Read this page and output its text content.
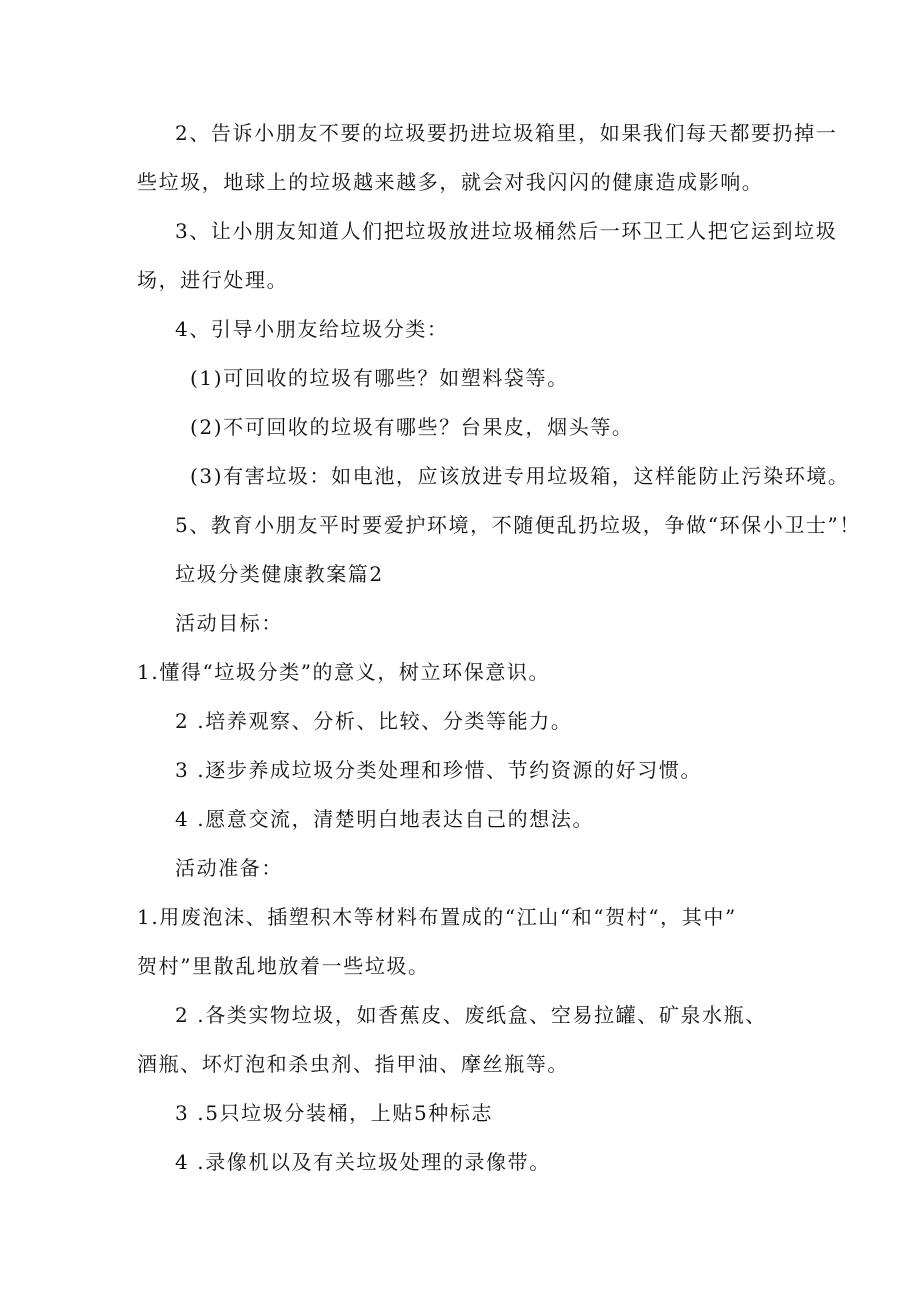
2、告诉小朋友不要的垃圾要扔进垃圾箱里，如果我们每天都要扔掉一
些垃圾，地球上的垃圾越来越多，就会对我闪闪的健康造成影响。
3、让小朋友知道人们把垃圾放进垃圾桶然后一环卫工人把它运到垃圾
场，进行处理。
4、引导小朋友给垃圾分类：
(1)可回收的垃圾有哪些？如塑料袋等。
(2)不可回收的垃圾有哪些？台果皮，烟头等。
(3)有害垃圾：如电池，应该放进专用垃圾箱，这样能防止污染环境。
5、教育小朋友平时要爱护环境，不随便乱扔垃圾，争做“环保小卫士”！
垃圾分类健康教案篇2
活动目标：
1.懂得“垃圾分类”的意义，树立环保意识。
2 .培养观察、分析、比较、分类等能力。
3 .逐步养成垃圾分类处理和珍惜、节约资源的好习惯。
4 .愿意交流，清楚明白地表达自己的想法。
活动准备：
1.用废泡沫、插塑积木等材料布置成的“江山“和“贺村“，其中”
贺村”里散乱地放着一些垃圾。
2 .各类实物垃圾，如香蕉皮、废纸盒、空易拉罐、矿泉水瓶、
酒瓶、坏灯泡和杀虫剂、指甲油、摩丝瓶等。
3 .5只垃圾分装桶，上贴5种标志
4 .录像机以及有关垃圾处理的录像带。
